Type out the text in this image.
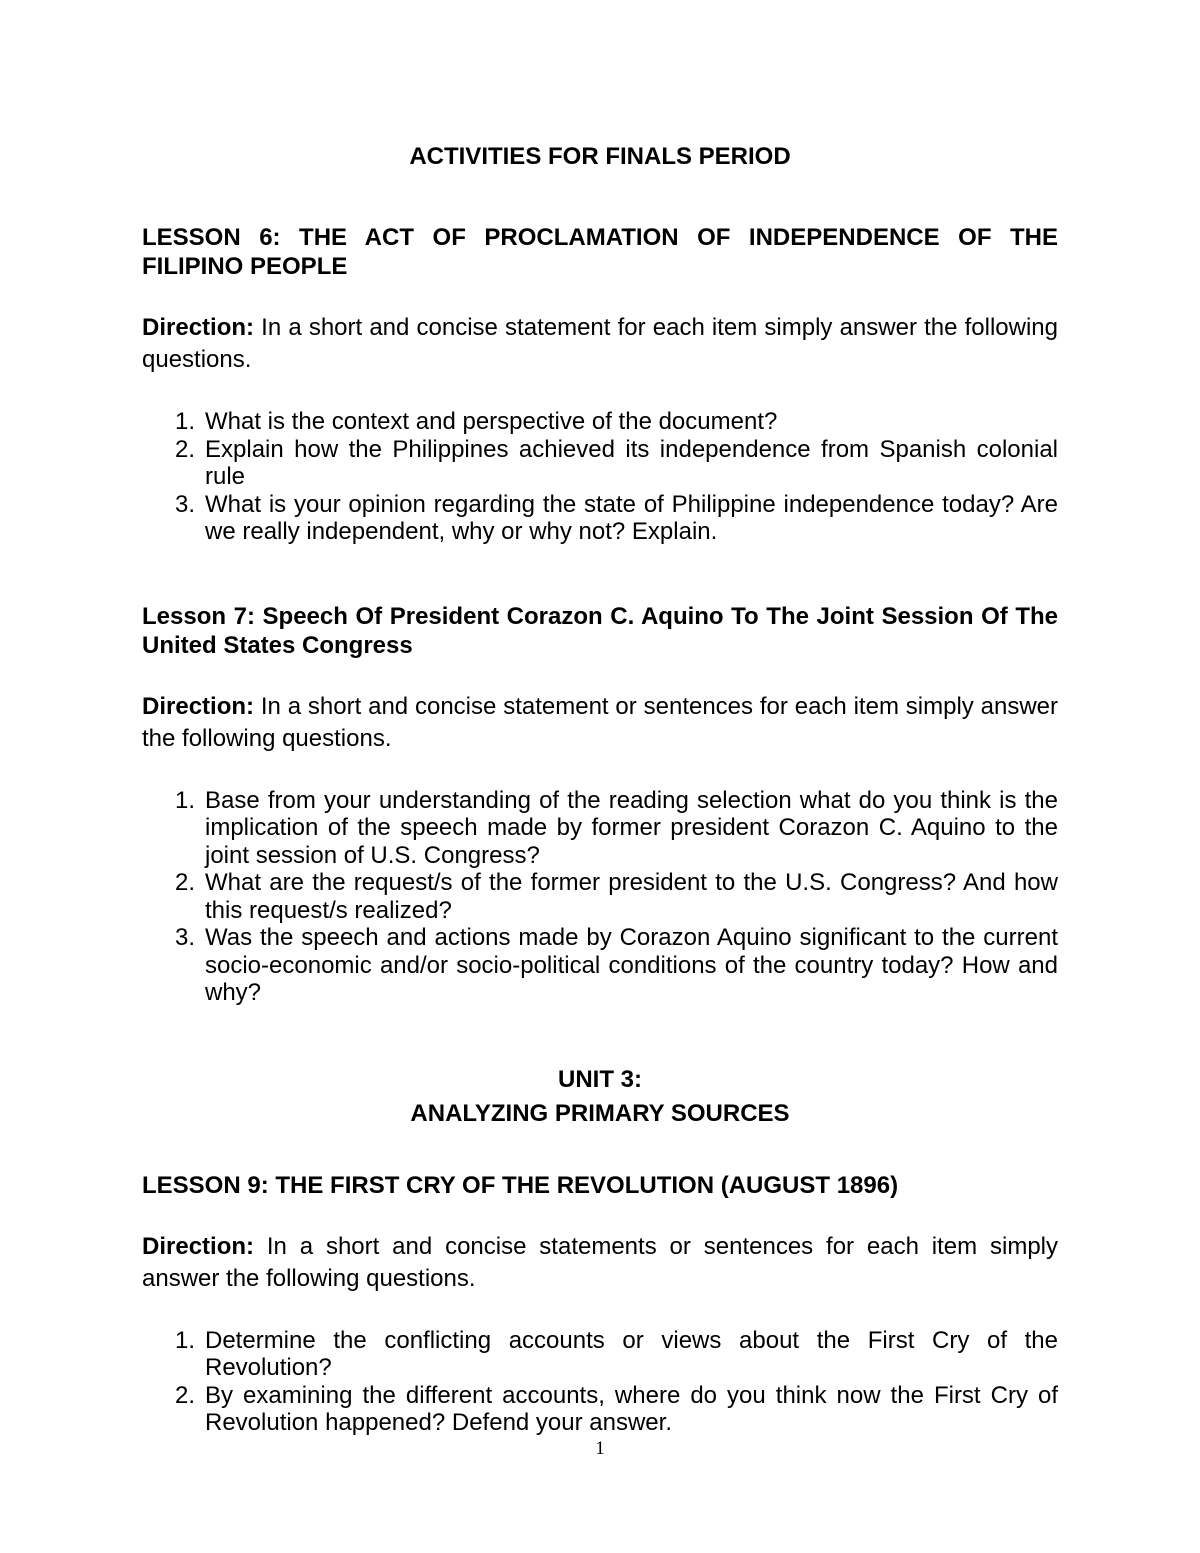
ACTIVITIES FOR FINALS PERIOD

LESSON 6: THE ACT OF PROCLAMATION OF INDEPENDENCE OF THE FILIPINO PEOPLE

Direction: In a short and concise statement for each item simply answer the following questions.

1. What is the context and perspective of the document?
2. Explain how the Philippines achieved its independence from Spanish colonial rule
3. What is your opinion regarding the state of Philippine independence today? Are we really independent, why or why not? Explain.

Lesson 7: Speech Of President Corazon C. Aquino To The Joint Session Of The United States Congress

Direction: In a short and concise statement or sentences for each item simply answer the following questions.

1. Base from your understanding of the reading selection what do you think is the implication of the speech made by former president Corazon C. Aquino to the joint session of U.S. Congress?
2. What are the request/s of the former president to the U.S. Congress? And how this request/s realized?
3. Was the speech and actions made by Corazon Aquino significant to the current socio-economic and/or socio-political conditions of the country today? How and why?

UNIT 3:

ANALYZING PRIMARY SOURCES

LESSON 9: THE FIRST CRY OF THE REVOLUTION (AUGUST 1896)

Direction: In a short and concise statements or sentences for each item simply answer the following questions.

1. Determine the conflicting accounts or views about the First Cry of the Revolution?
2. By examining the different accounts, where do you think now the First Cry of Revolution happened? Defend your answer.
1
